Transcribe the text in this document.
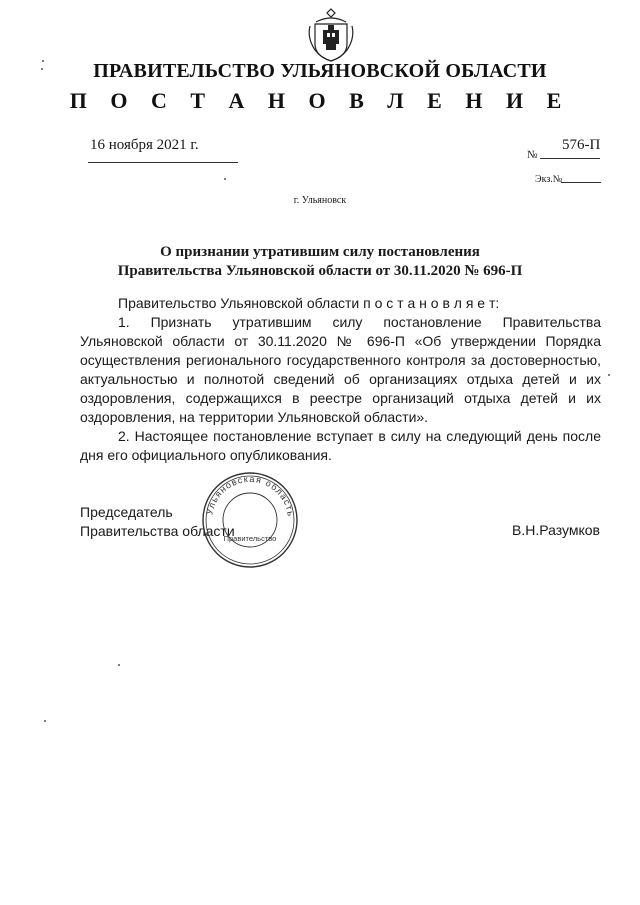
ПРАВИТЕЛЬСТВО УЛЬЯНОВСКОЙ ОБЛАСТИ
П О С Т А Н О В Л Е Н И Е
16 ноября 2021 г.
№
576-П
Экз.№
г. Ульяновск
О признании утратившим силу постановления
Правительства Ульяновской области от 30.11.2020 № 696-П

Правительство Ульяновской области п о с т а н о в л я е т:

1. Признать утратившим силу постановление Правительства Ульяновской области от 30.11.2020 № 696-П «Об утверждении Порядка осуществления регионального государственного контроля за достоверностью, актуальностью и полнотой сведений об организациях отдыха детей и их оздоровления, содержащихся в реестре организаций отдыха детей и их оздоровления, на территории Ульяновской области».

2. Настоящее постановление вступает в силу на следующий день после дня его официального опубликования.

Председатель
Правительства области	В.Н.Разумков
Ульяновская область
Правительство
